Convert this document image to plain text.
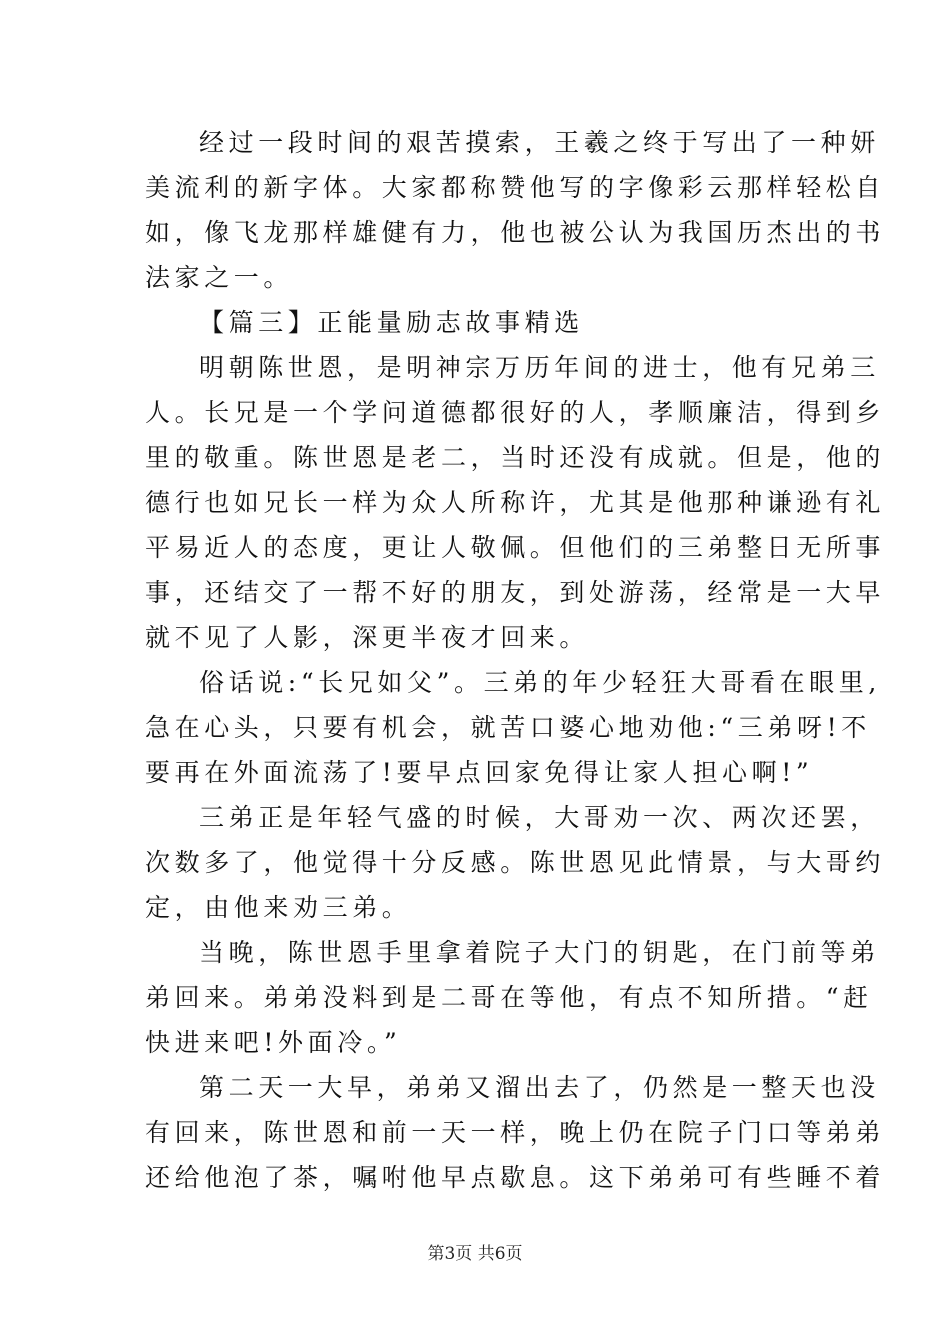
经过一段时间的艰苦摸索，王羲之终于写出了一种妍
美流利的新字体。大家都称赞他写的字像彩云那样轻松自
如，像飞龙那样雄健有力，他也被公认为我国历杰出的书
法家之一。
【篇三】正能量励志故事精选
明朝陈世恩，是明神宗万历年间的进士，他有兄弟三
人。长兄是一个学问道德都很好的人，孝顺廉洁，得到乡
里的敬重。陈世恩是老二，当时还没有成就。但是，他的
德行也如兄长一样为众人所称许，尤其是他那种谦逊有礼
平易近人的态度，更让人敬佩。但他们的三弟整日无所事
事，还结交了一帮不好的朋友，到处游荡，经常是一大早
就不见了人影，深更半夜才回来。
俗话说:“长兄如父”。三弟的年少轻狂大哥看在眼里,
急在心头，只要有机会，就苦口婆心地劝他:“三弟呀!不
要再在外面流荡了!要早点回家免得让家人担心啊!”
三弟正是年轻气盛的时候，大哥劝一次、两次还罢，
次数多了，他觉得十分反感。陈世恩见此情景，与大哥约
定，由他来劝三弟。
当晚，陈世恩手里拿着院子大门的钥匙，在门前等弟
弟回来。弟弟没料到是二哥在等他，有点不知所措。“赶
快进来吧!外面冷。”
第二天一大早，弟弟又溜出去了，仍然是一整天也没
有回来，陈世恩和前一天一样，晚上仍在院子门口等弟弟
还给他泡了茶，嘱咐他早点歇息。这下弟弟可有些睡不着
第3页 共6页
